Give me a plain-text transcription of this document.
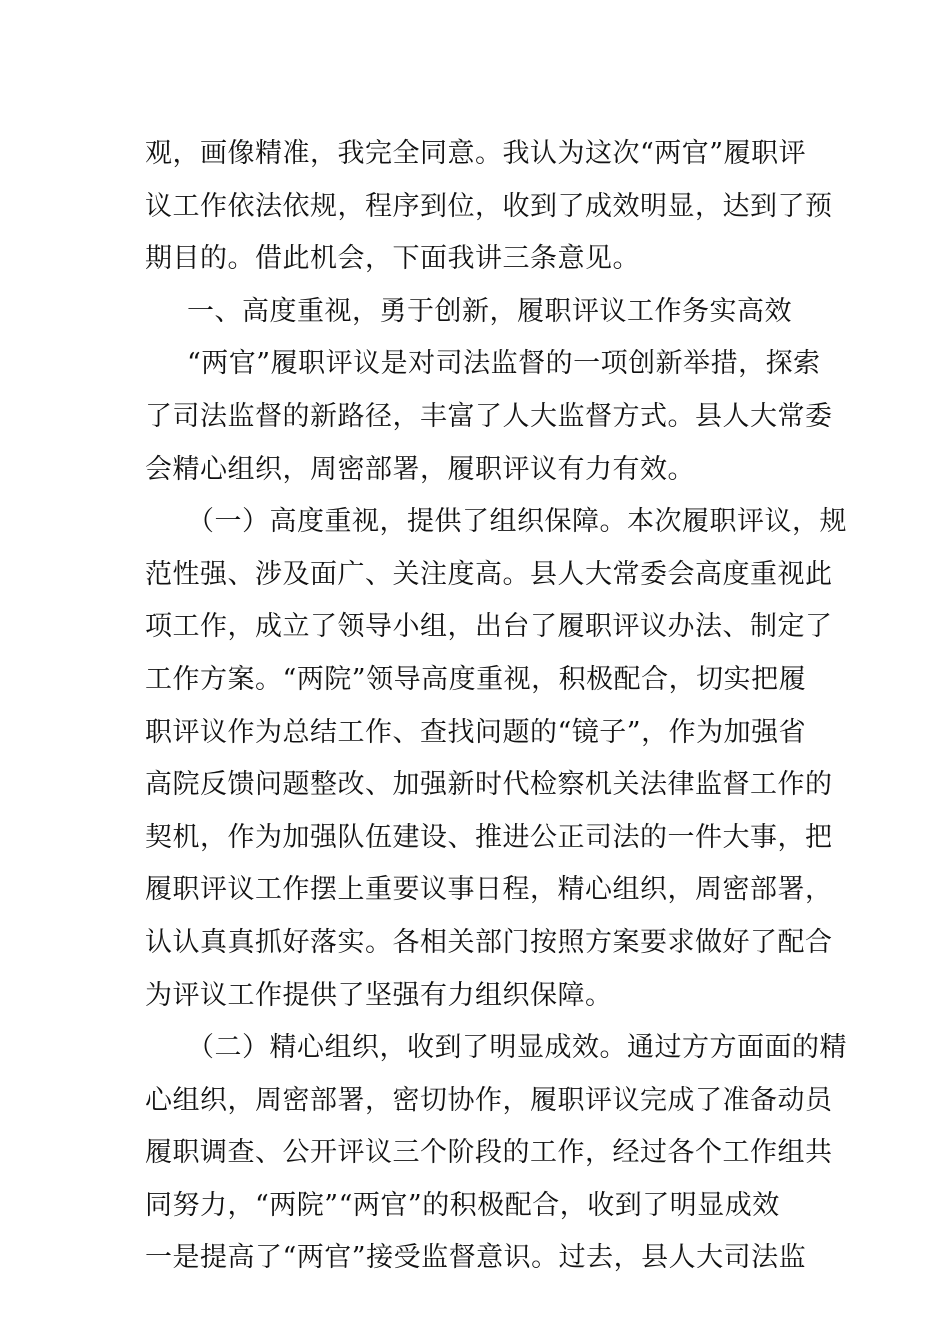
观，画像精准，我完全同意。我认为这次“两官”履职评
议工作依法依规，程序到位，收到了成效明显，达到了预
期目的。借此机会，下面我讲三条意见。
一、高度重视，勇于创新，履职评议工作务实高效
“两官”履职评议是对司法监督的一项创新举措，探索
了司法监督的新路径，丰富了人大监督方式。县人大常委
会精心组织，周密部署，履职评议有力有效。
（一）高度重视，提供了组织保障。本次履职评议，规
范性强、涉及面广、关注度高。县人大常委会高度重视此
项工作，成立了领导小组，出台了履职评议办法、制定了
工作方案。“两院”领导高度重视，积极配合，切实把履
职评议作为总结工作、查找问题的“镜子”，作为加强省
高院反馈问题整改、加强新时代检察机关法律监督工作的
契机，作为加强队伍建设、推进公正司法的一件大事，把
履职评议工作摆上重要议事日程，精心组织，周密部署，
认认真真抓好落实。各相关部门按照方案要求做好了配合
为评议工作提供了坚强有力组织保障。
（二）精心组织，收到了明显成效。通过方方面面的精
心组织，周密部署，密切协作，履职评议完成了准备动员
履职调查、公开评议三个阶段的工作，经过各个工作组共
同努力，“两院”“两官”的积极配合，收到了明显成效
一是提高了“两官”接受监督意识。过去，县人大司法监
